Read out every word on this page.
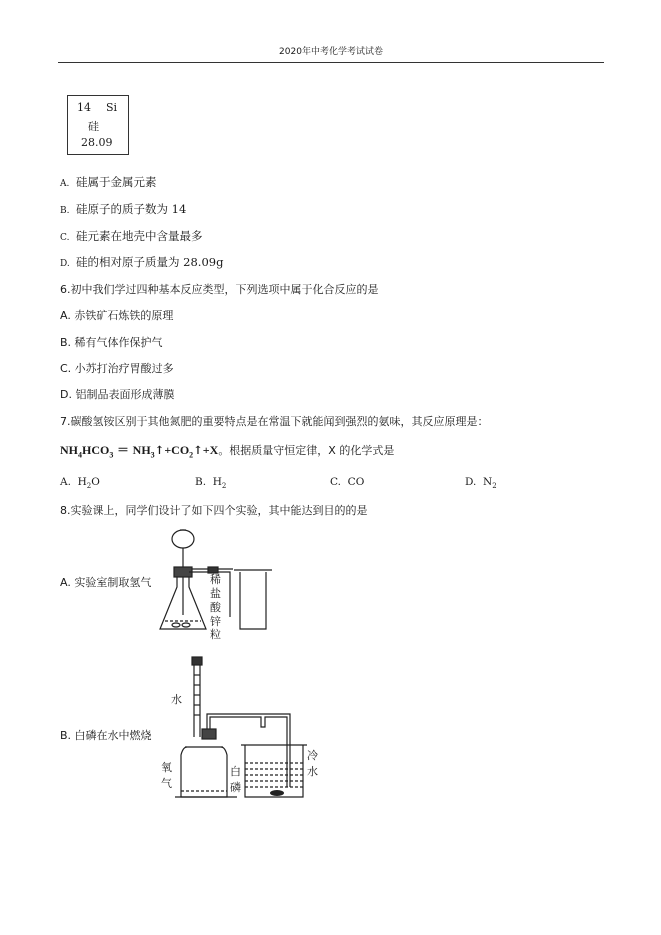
2020年中考化学考试试卷
14 Si
硅
28.09
A. 硅属于金属元素
B. 硅原子的质子数为 14
C. 硅元素在地壳中含量最多
D. 硅的相对原子质量为 28.09g
6.初中我们学过四种基本反应类型，下列选项中属于化合反应的是
A. 赤铁矿石炼铁的原理
B. 稀有气体作保护气
C. 小苏打治疗胃酸过多
D. 铝制品表面形成薄膜
7.碳酸氢铵区别于其他氮肥的重要特点是在常温下就能闻到强烈的氨味，其反应原理是：
$NH_4HCO_3$ ＝ $NH_3↑+CO_2↑+X$。根据质量守恒定律，X 的化学式是
A.  $H_2O$	B.  $H_2$	C.  CO	D.  $N_2$
8.实验课上，同学们设计了如下四个实验，其中能达到目的的是
A. 实验室制取氢气	稀
盐
酸
锌
粒
B. 白磷在水中燃烧
水
氧
气
白
磷
冷
水
